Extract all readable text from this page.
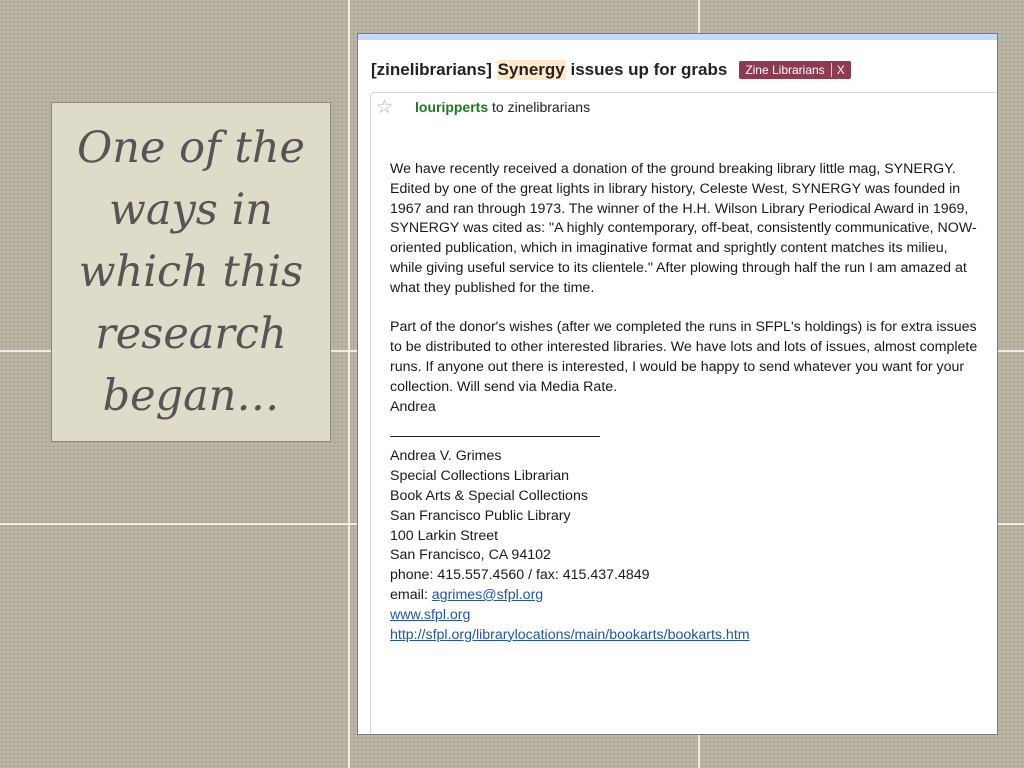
One of the ways in which this research began…
[zinelibrarians]
Synergy
issues up for grabs Zine Librarians	X
☆ louripperts to zinelibrarians

We have recently received a donation of the ground breaking library little mag, SYNERGY. Edited by one of the great lights in library history, Celeste West, SYNERGY was founded in 1967 and ran through 1973. The winner of the H.H. Wilson Library Periodical Award in 1969, SYNERGY was cited as: "A highly contemporary, off-beat, consistently communicative, NOW-oriented publication, which in imaginative format and sprightly content matches its milieu, while giving useful service to its clientele." After plowing through half the run I am amazed at what they published for the time.

Part of the donor's wishes (after we completed the runs in SFPL's holdings) is for extra issues to be distributed to other interested libraries. We have lots and lots of issues, almost complete runs. If anyone out there is interested, I would be happy to send whatever you want for your collection. Will send via Media Rate.
Andrea

Andrea V. Grimes
Special Collections Librarian
Book Arts & Special Collections
San Francisco Public Library
100 Larkin Street
San Francisco, CA 94102
phone: 415.557.4560 / fax: 415.437.4849
email: agrimes@sfpl.org
www.sfpl.org
http://sfpl.org/librarylocations/main/bookarts/bookarts.htm
